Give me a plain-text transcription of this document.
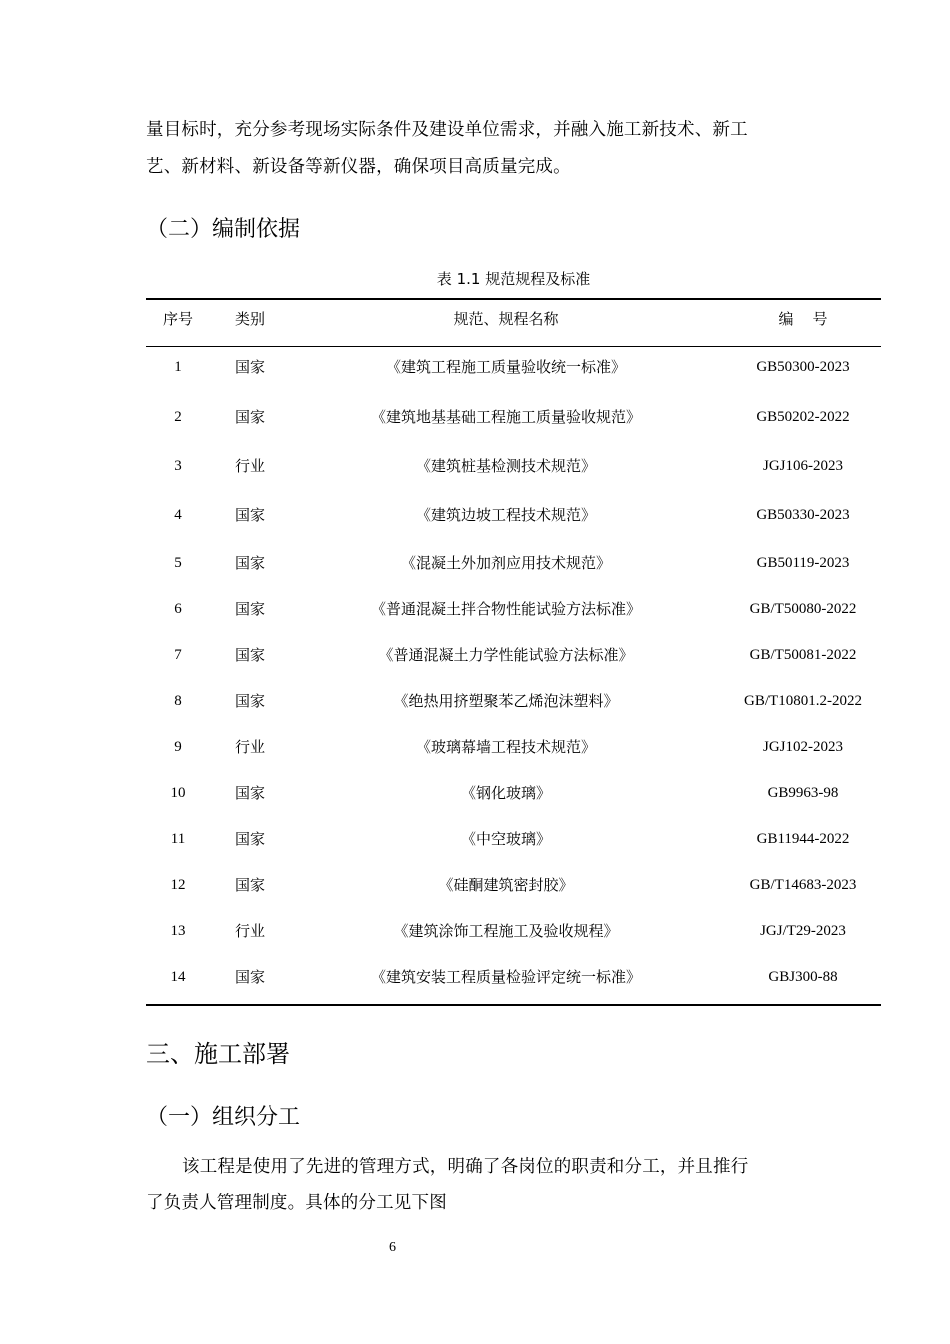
量目标时，充分参考现场实际条件及建设单位需求，并融入施工新技术、新工
艺、新材料、新设备等新仪器，确保项目高质量完成。
（二）编制依据
表 1.1 规范规程及标准
序号	类别	规范、规程名称	编    号
1	国家	《建筑工程施工质量验收统一标准》	GB50300-2023
2	国家	《建筑地基基础工程施工质量验收规范》	GB50202-2022
3	行业	《建筑桩基检测技术规范》	JGJ106-2023
4	国家	《建筑边坡工程技术规范》	GB50330-2023
5	国家	《混凝土外加剂应用技术规范》	GB50119-2023
6	国家	《普通混凝土拌合物性能试验方法标准》	GB/T50080-2022
7	国家	《普通混凝土力学性能试验方法标准》	GB/T50081-2022
8	国家	《绝热用挤塑聚苯乙烯泡沫塑料》	GB/T10801.2-2022
9	行业	《玻璃幕墙工程技术规范》	JGJ102-2023
10	国家	《钢化玻璃》	GB9963-98
11	国家	《中空玻璃》	GB11944-2022
12	国家	《硅酮建筑密封胶》	GB/T14683-2023
13	行业	《建筑涂饰工程施工及验收规程》	JGJ/T29-2023
14	国家	《建筑安装工程质量检验评定统一标准》	GBJ300-88
三、施工部署
（一）组织分工
该工程是使用了先进的管理方式，明确了各岗位的职责和分工，并且推行
了负责人管理制度。具体的分工见下图
6
